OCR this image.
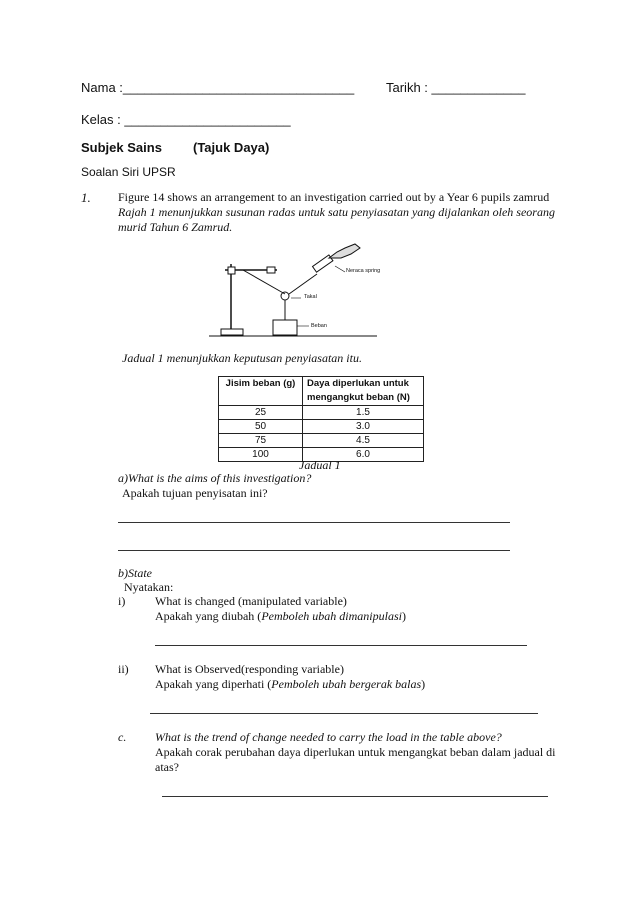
Nama :________________________________ Tarikh : _____________
Kelas : _______________________
Subjek Sains (Tajuk Daya)
Soalan Siri UPSR
1. Figure 14 shows an arrangement to an investigation carried out by a Year 6 pupils zamrud
Rajah 1 menunjukkan susunan radas untuk satu penyiasatan yang dijalankan oleh seorang
murid Tahun 6 Zamrud.
Neraca spring
Takal
Beban
Jadual 1 menunjukkan keputusan penyiasatan itu.
Jisim beban (g)	Daya diperlukan untuk
mengangkut beban (N)

25	1.5
50	3.0
75	4.5
100	6.0
Jadual 1
a)What is the aims of this investigation?
Apakah tujuan penyisatan ini?
b)State
Nyatakan:
i) What is changed (manipulated variable)
Apakah yang diubah (Pemboleh ubah dimanipulasi)
ii) What is Observed(responding variable)
Apakah yang diperhati (Pemboleh ubah bergerak balas)
c. What is the trend of change needed to carry the load in the table above?
Apakah corak perubahan daya diperlukan untuk mengangkat beban dalam jadual di
atas?
